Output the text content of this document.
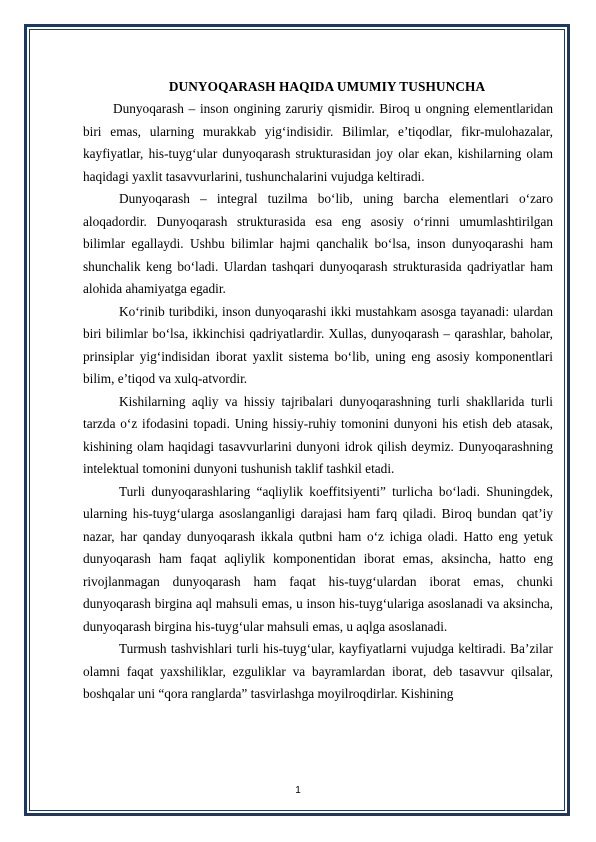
DUNYOQARASH HAQIDA UMUMIY TUSHUNCHA

Dunyoqarash – inson ongining zaruriy qismidir. Biroq u ongning elementlaridan biri emas, ularning murakkab yig‘indisidir. Bilimlar, e’tiqodlar, fikr-mulohazalar, kayfiyatlar, his-tuyg‘ular dunyoqarash strukturasidan joy olar ekan, kishilarning olam haqidagi yaxlit tasavvurlarini, tushunchalarini vujudga keltiradi.

Dunyoqarash – integral tuzilma bo‘lib, uning barcha elementlari o‘zaro aloqadordir. Dunyoqarash strukturasida esa eng asosiy o‘rinni umumlashtirilgan bilimlar egallaydi. Ushbu bilimlar hajmi qanchalik bo‘lsa, inson dunyoqarashi ham shunchalik keng bo‘ladi. Ulardan tashqari dunyoqarash strukturasida qadriyatlar ham alohida ahamiyatga egadir.

Ko‘rinib turibdiki, inson dunyoqarashi ikki mustahkam asosga tayanadi: ulardan biri bilimlar bo‘lsa, ikkinchisi qadriyatlardir. Xullas, dunyoqarash – qarashlar, baholar, prinsiplar yig‘indisidan iborat yaxlit sistema bo‘lib, uning eng asosiy komponentlari bilim, e’tiqod va xulq-atvordir.

Kishilarning aqliy va hissiy tajribalari dunyoqarashning turli shakllarida turli tarzda o‘z ifodasini topadi. Uning hissiy-ruhiy tomonini dunyoni his etish deb atasak, kishining olam haqidagi tasavvurlarini dunyoni idrok qilish deymiz. Dunyoqarashning intelektual tomonini dunyoni tushunish taklif tashkil etadi.

Turli dunyoqarashlaring “aqliylik koeffitsiyenti” turlicha bo‘ladi. Shuningdek, ularning his-tuyg‘ularga asoslanganligi darajasi ham farq qiladi. Biroq bundan qat’iy nazar, har qanday dunyoqarash ikkala qutbni ham o‘z ichiga oladi. Hatto eng yetuk dunyoqarash ham faqat aqliylik komponentidan iborat emas, aksincha, hatto eng rivojlanmagan dunyoqarash ham faqat his-tuyg‘ulardan iborat emas, chunki dunyoqarash birgina aql mahsuli emas, u inson his-tuyg‘ulariga asoslanadi va aksincha, dunyoqarash birgina his-tuyg‘ular mahsuli emas, u aqlga asoslanadi.

Turmush tashvishlari turli his-tuyg‘ular, kayfiyatlarni vujudga keltiradi. Ba’zilar olamni faqat yaxshiliklar, ezguliklar va bayramlardan iborat, deb tasavvur qilsalar, boshqalar uni “qora ranglarda” tasvirlashga moyilroqdirlar. Kishining

1
